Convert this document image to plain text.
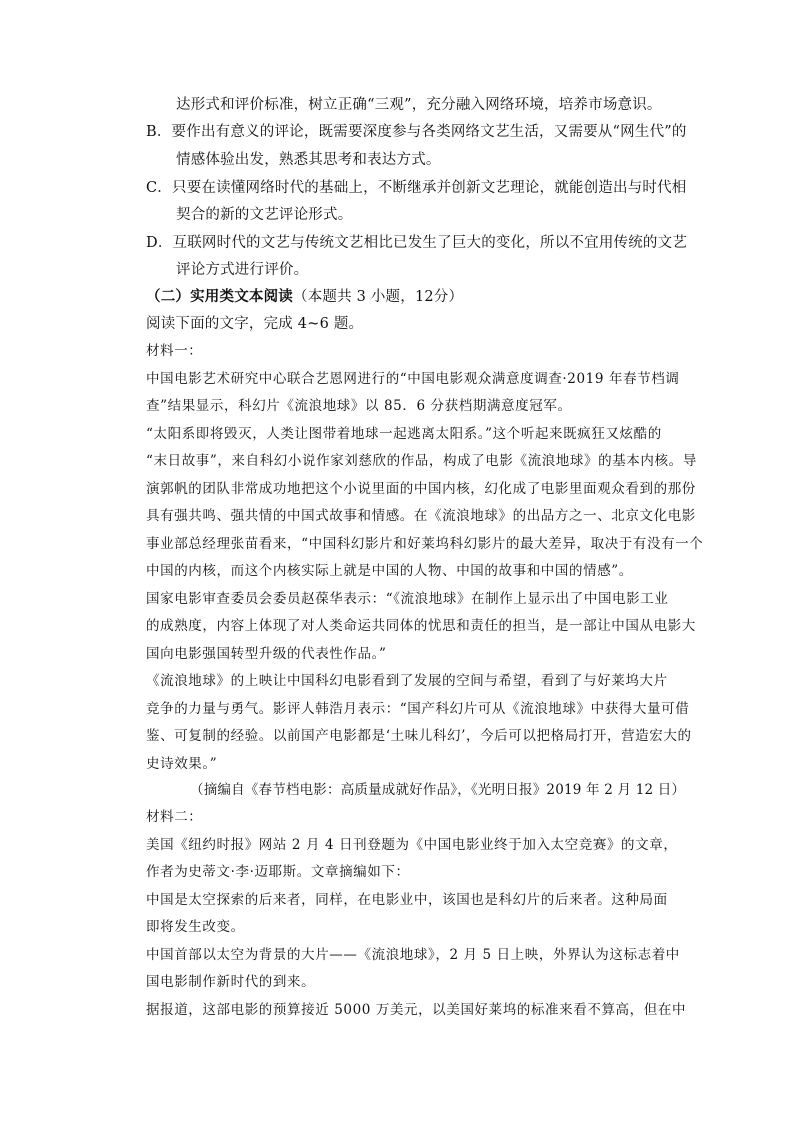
达形式和评价标准，树立正确“三观”，充分融入网络环境，培养市场意识。
B．要作出有意义的评论，既需要深度参与各类网络文艺生活，又需要从“网生代”的
情感体验出发，熟悉其思考和表达方式。
C．只要在读懂网络时代的基础上，不断继承并创新文艺理论，就能创造出与时代相
契合的新的文艺评论形式。
D．互联网时代的文艺与传统文艺相比已发生了巨大的变化，所以不宜用传统的文艺
评论方式进行评价。
（二）实用类文本阅读（本题共 3 小题，12分）
阅读下面的文字，完成 4~6 题。
材料一：
中国电影艺术研究中心联合艺恩网进行的“中国电影观众满意度调查·2019 年春节档调
查”结果显示，科幻片《流浪地球》以 85．6 分获档期满意度冠军。
“太阳系即将毁灭，人类让图带着地球一起逃离太阳系。”这个听起来既疯狂又炫酷的
“末日故事”，来自科幻小说作家刘慈欣的作品，构成了电影《流浪地球》的基本内核。导
演郭帆的团队非常成功地把这个小说里面的中国内核，幻化成了电影里面观众看到的那份
具有强共鸣、强共情的中国式故事和情感。在《流浪地球》的出品方之一、北京文化电影
事业部总经理张苗看来，“中国科幻影片和好莱坞科幻影片的最大差异，取决于有没有一个
中国的内核，而这个内核实际上就是中国的人物、中国的故事和中国的情感”。
国家电影审查委员会委员赵葆华表示：“《流浪地球》在制作上显示出了中国电影工业
的成熟度，内容上体现了对人类命运共同体的忧思和责任的担当，是一部让中国从电影大
国向电影强国转型升级的代表性作品。”
《流浪地球》的上映让中国科幻电影看到了发展的空间与希望，看到了与好莱坞大片
竞争的力量与勇气。影评人韩浩月表示：“国产科幻片可从《流浪地球》中获得大量可借
鉴、可复制的经验。以前国产电影都是‘土味儿科幻’，今后可以把格局打开，营造宏大的
史诗效果。”
（摘编自《春节档电影：高质量成就好作品》，《光明日报》2019 年 2 月 12 日）
材料二：
美国《纽约时报》网站 2 月 4 日刊登题为《中国电影业终于加入太空竞赛》的文章，
作者为史蒂文·李·迈耶斯。文章摘编如下：
中国是太空探索的后来者，同样，在电影业中，该国也是科幻片的后来者。这种局面
即将发生改变。
中国首部以太空为背景的大片——《流浪地球》，2 月 5 日上映，外界认为这标志着中
国电影制作新时代的到来。
据报道，这部电影的预算接近 5000 万美元，以美国好莱坞的标准来看不算高，但在中
